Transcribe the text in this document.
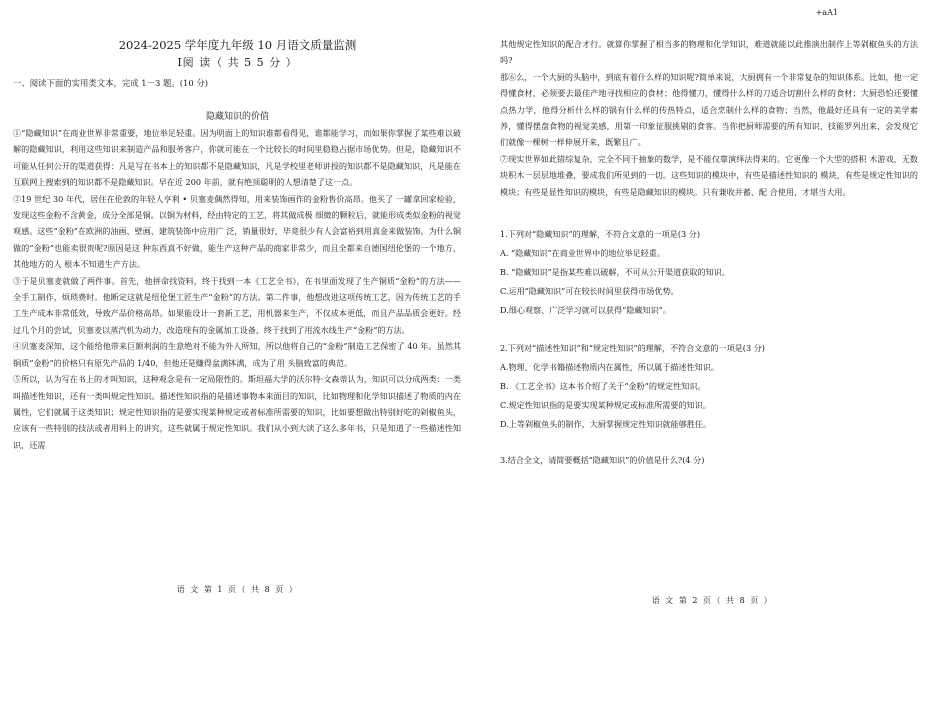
2024-2025 学年度九年级 10 月语文质量监测
Ⅰ阅 读（ 共 5 5 分 ）
一、阅读下面的实用类文本，完成 1－3 题。(10 分)
隐藏知识的价值

①“隐藏知识”在商业世界非常重要，地位举足轻重。因为明面上的知识谁都看得见，谁都能学习，而如果你掌握了某些难以破解的隐藏知识，利用这些知识来制造产品和服务客户，你就可能在一个比较长的时间里稳稳占据市场优势。但是，隐藏知识不可能从任何公开的渠道获得：凡是写在书本上的知识都不是隐藏知识，凡是学校里老师讲授的知识都不是隐藏知识，凡是能在互联网上搜索到的知识都不是隐藏知识。早在近 200 年前，就有绝顶聪明的人想清楚了这一点。

②19 世纪 30 年代，居住在伦敦的年轻人亨利 • 贝塞麦偶然得知，用来装饰画作的金粉售价高昂。他买了 一罐拿回家检验，发现这些金粉不含黄金，成分全部是铜。以铜为材料，经由特定的工艺，将其做成极 细微的颗粒后，就能形成类似金粉的视觉观感。这些“金粉”在欧洲的油画、壁画、建筑装饰中应用广 泛，销量很好，毕竟很少有人会富裕到用真金来做装饰。为什么铜做的“金粉”也能卖很贵呢?原因是这 种东西真不好做，能生产这种产品的商家非常少，而且全都来自德国纽伦堡的一个地方，其他地方的人 根本不知道生产方法。

③于是贝塞麦就做了两件事。首先，他拼命找资料，终于找到一本《工艺全书》，在书里面发现了生产铜质“金粉”的方法——全手工制作，烦琐费时。他断定这就是纽伦堡工匠生产“金粉”的方法。第二件事，他想改进这项传统工艺，因为传统工艺的手工生产成本非常低效，导致产品价格高昂。如果能设计一套新工艺，用机器来生产，不仅成本更低，而且产品品质会更好。经过几个月的尝试，贝塞麦以蒸汽机为动力，改造现有的金属加工设备，终于找到了用流水线生产“金粉”的方法。

④贝塞麦深知，这个能给他带来巨额利润的生意绝对不能为外人所知，所以他将自己的“金粉”制造工艺保密了 40 年。虽然其铜质“金粉”的价格只有原先产品的 1/40，但他还是赚得盆满钵满，成为了用 头脑致富的典范。

⑤所以，认为写在书上的才叫知识，这种观念是有一定局限性的。斯坦福大学的沃尔特·文森蒂认为，知识可以分成两类：一类叫描述性知识，还有一类叫规定性知识。描述性知识指的是描述事物本来面目的知识，比如物理和化学知识描述了物质的内在属性，它们就属于这类知识；规定性知识指的是要实现某种规定或者标准所需要的知识，比如要想做出特别好吃的剁椒鱼头，应该有一些特别的技法或者用料上的讲究，这些就属于规定性知识。我们从小到大读了这么多年书，只是知道了一些描述性知识，还需

语 文 第 1 页（ 共 8 页 ）
+aA1

其他规定性知识的配合才行。就算你掌握了相当多的物理和化学知识，难道就能以此推演出制作上等剁椒鱼头的方法吗?

那⑥么，一个大厨的头脑中，到底有着什么样的知识呢?简单来说，大厨拥有一个非常复杂的知识体系。比如，他一定得懂食材，必须要去最佳产地寻找相应的食材；他得懂刀，懂得什么样的刀适合切割什么样的食材；大厨恐怕还要懂点热力学，他得分析什么样的锅有什么样的传热特点，适合烹制什么样的食物；当然，他最好还具有一定的美学素养，懂得摆盘食物的视觉美感，用第一印象征服挑剔的食客。当你把厨师需要的所有知识、技能罗列出来，会发现它们就像一棵树一样伸展开来，既繁且广。

⑦现实世界如此错综复杂，完全不同于抽象的数学，是不能仅靠演绎法得来的。它更像一个大型的搭积 木游戏，无数块积木一层层地堆叠，要成我们所见到的一切。这些知识的模块中，有些是描述性知识的 模块，有些是规定性知识的模块；有些是显性知识的模块，有些是隐藏知识的模块。只有兼收并蓄、配 合使用，才堪当大用。

1.下列对“隐藏知识”的理解，不符合文意的一项是(3 分)

A. “隐藏知识”在商业世界中的地位举足轻重。

B. “隐藏知识”是指某些难以破解，不可从公开渠道获取的知识。

C.运用“隐藏知识”可在较长时间里获得市场优势。

D.细心观察、广泛学习就可以获得“隐藏知识”。

2.下列对“描述性知识”和“规定性知识”的理解，不符合文意的一项是(3 分)

A.物理、化学书籍描述物质内在属性，所以属于描述性知识。

B. 《工艺全书》这本书介绍了关于“金粉”的规定性知识。

C.规定性知识指的是要实现某种规定或标准所需要的知识。

D.上等剁椒鱼头的制作，大厨掌握规定性知识就能够胜任。

3.结合全文，请简要概括“隐藏知识”的价值是什么?(4 分)

语 文 第 2 页（ 共 8 页 ）
